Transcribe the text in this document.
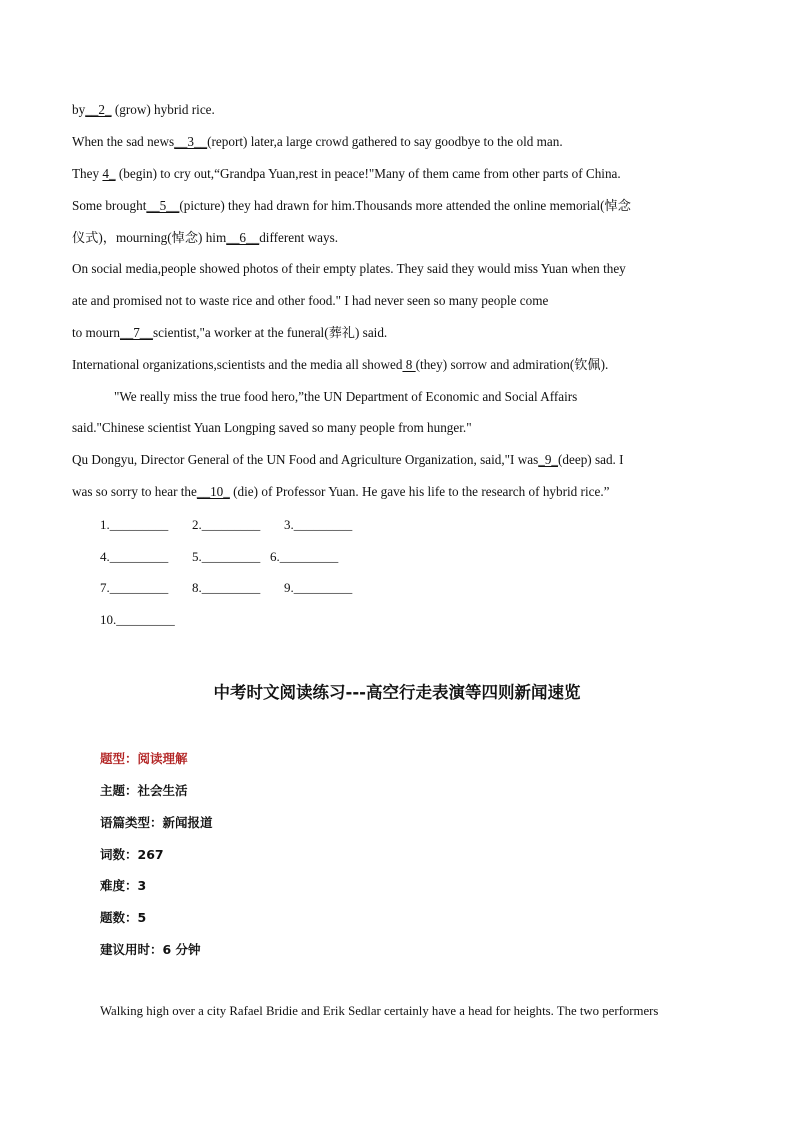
by__2_ (grow) hybrid rice.
When the sad news__3__(report) later,a large crowd gathered to say goodbye to the old man.
They 4_ (begin) to cry out,“Grandpa Yuan,rest in peace!"Many of them came from other parts of China.
Some brought__5__(picture) they had drawn for him.Thousands more attended the online memorial(悼念
仪式)，mourning(悼念) him__6__different ways.
On social media,people showed photos of their empty plates. They said they would miss Yuan when they
ate and promised not to waste rice and other food." I had never seen so many people come
to mourn__7__scientist,"a worker at the funeral(葬礼) said.
International organizations,scientists and the media all showed 8 (they) sorrow and admiration(钦佩).
"We really miss the true food hero,”the UN Department of Economic and Social Affairs
said."Chinese scientist Yuan Longping saved so many people from hunger."
Qu Dongyu, Director General of the UN Food and Agriculture Organization, said,"I was_9_(deep) sad. I
was so sorry to hear the__10_ (die) of Professor Yuan. He gave his life to the research of hybrid rice.”
1._________ 2._________ 3._________
4._________ 5._________ 6._________
7._________ 8._________ 9._________
10._________
中考时文阅读练习---高空行走表演等四则新闻速览
题型：阅读理解
主题：社会生活
语篇类型：新闻报道
词数：267
难度：3
题数：5
建议用时：6 分钟
Walking high over a city Rafael Bridie and Erik Sedlar certainly have a head for heights. The two performers
